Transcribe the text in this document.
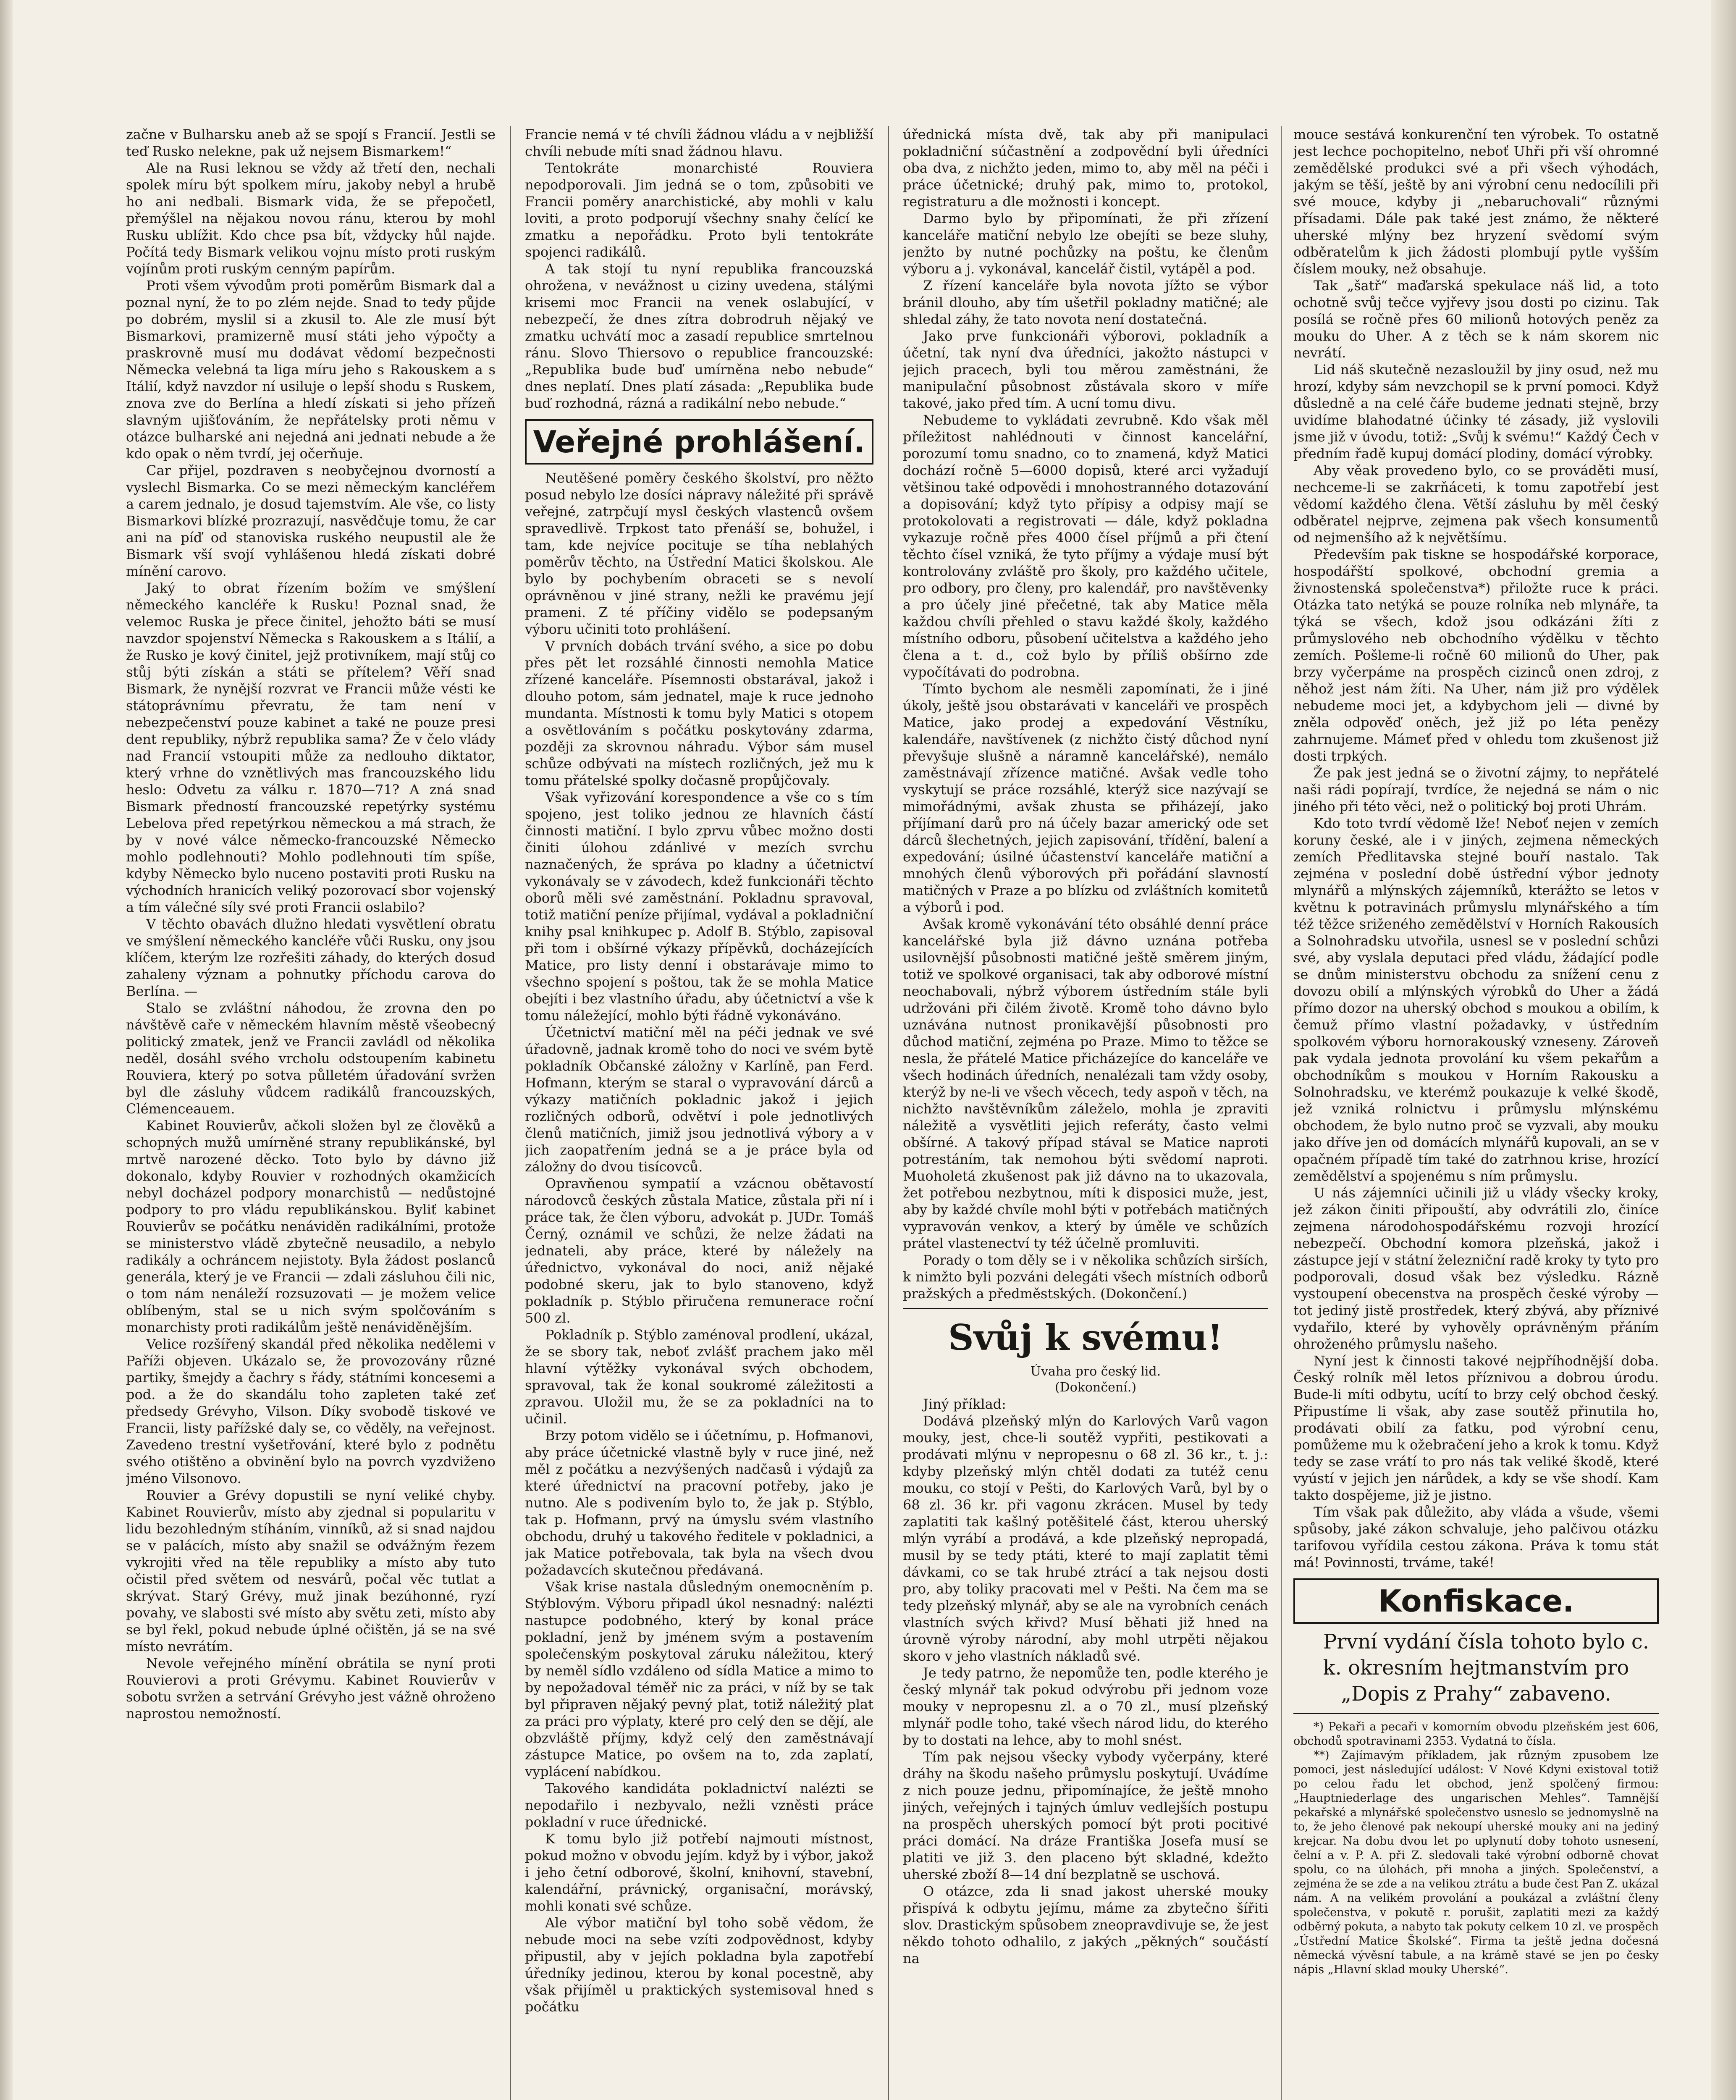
začne v Bulharsku aneb až se spojí s Francií. Jestli se teď Rusko nelekne, pak už nejsem Bismarkem!“

Ale na Rusi leknou se vždy až třetí den, nechali spolek míru být spolkem míru, jakoby nebyl a hrubě ho ani nedbali. Bismark vida, že se přepočetl, přemýšlel na nějakou novou ránu, kterou by mohl Rusku ublížit. Kdo chce psa bít, vždycky hůl najde. Počítá tedy Bismark velikou vojnu místo proti ruským vojínům proti ruským cenným papírům.

Proti všem vývodům proti poměrům Bismark dal a poznal nyní, že to po zlém nejde. Snad to tedy půjde po dobrém, myslil si a zkusil to. Ale zle musí být Bismarkovi, pramizerně musí státi jeho výpočty a praskrovně musí mu dodávat vědomí bezpečnosti Německa velebná ta liga míru jeho s Rakouskem a s Itálií, když navzdor ní usiluje o lepší shodu s Ruskem, znova zve do Berlína a hledí získati si jeho přízeň slavným ujišťováním, že nepřátelsky proti němu v otázce bulharské ani nejedná ani jednati nebude a že kdo opak o něm tvrdí, jej očerňuje.

Car přijel, pozdraven s neobyčejnou dvorností a vyslechl Bismarka. Co se mezi německým kancléřem a carem jednalo, je dosud tajemstvím. Ale vše, co listy Bismarkovi blízké prozrazují, nasvědčuje tomu, že car ani na píď od stanoviska ruského neupustil ale že Bismark vší svojí vyhlášenou hledá získati dobré mínění carovo.

Jaký to obrat řízením božím ve smýšlení německého kancléře k Rusku! Poznal snad, že velemoc Ruska je přece činitel, jehožto báti se musí navzdor spojenství Německa s Rakouskem a s Itálií, a že Rusko je kový činitel, jejž protivníkem, mají stůj co stůj býti získán a státi se přítelem? Věří snad Bismark, že nynější rozvrat ve Francii může vésti ke státoprávnímu převratu, že tam není v nebezpečenství pouze kabinet a také ne pouze presi dent republiky, nýbrž republika sama? Že v čelo vlády nad Francií vstoupiti může za nedlouho diktator, který vrhne do vznětlivých mas francouzského lidu heslo: Odvetu za válku r. 1870—71? A zná snad Bismark předností francouzské repetýrky systému Lebelova před repetýrkou německou a má strach, že by v nové válce německo-francouzské Německo mohlo podlehnouti? Mohlo podlehnouti tím spíše, kdyby Německo bylo nuceno postaviti proti Rusku na východních hranicích veliký pozorovací sbor vojenský a tím válečné síly své proti Francii oslabilo?

V těchto obavách dlužno hledati vysvětlení obratu ve smýšlení německého kancléře vůči Rusku, ony jsou klíčem, kterým lze rozřešiti záhady, do kterých dosud zahaleny význam a pohnutky příchodu carova do Berlína. —

Stalo se zvláštní náhodou, že zrovna den po návštěvě caře v německém hlavním městě všeobecný politický zmatek, jenž ve Francii zavládl od několika neděl, dosáhl svého vrcholu odstoupením kabinetu Rouviera, který po sotva půlletém úřadování svržen byl dle zásluhy vůdcem radikálů francouzských, Clémenceauem.

Kabinet Rouvierův, ačkoli složen byl ze člověků a schopných mužů umírněné strany republikánské, byl mrtvě narozené děcko. Toto bylo by dávno již dokonalo, kdyby Rouvier v rozhodných okamžicích nebyl docházel podpory monarchistů — nedůstojné podpory to pro vládu republikánskou. Byliť kabinet Rouvierův se počátku nenáviděn radikálními, protože se ministerstvo vládě zbytečně neusadilo, a nebylo radikály a ochráncem nejistoty. Byla žádost poslanců generála, který je ve Francii — zdali zásluhou čili nic, o tom nám nenáleží rozsuzovati — je možem velice oblíbeným, stal se u nich svým spolčováním s monarchisty proti radikálům ještě nenáviděnějším.

Velice rozšířený skandál před několika nedělemi v Paříži objeven. Ukázalo se, že provozovány různé partiky, šmejdy a čachry s řády, státními koncesemi a pod. a že do skandálu toho zapleten také zeť předsedy Grévyho, Vilson. Díky svobodě tiskové ve Francii, listy pařížské daly se, co věděly, na veřejnost. Zavedeno trestní vyšetřování, které bylo z podnětu svého otištěno a obvinění bylo na povrch vyzdviženo jméno Vilsonovo.

Rouvier a Grévy dopustili se nyní veliké chyby. Kabinet Rouvierův, místo aby zjednal si popularitu v lidu bezohledným stíháním, vinníků, až si snad najdou se v palácích, místo aby snažil se odvážným řezem vykrojiti vřed na těle republiky a místo aby tuto očistil před světem od nesvárů, počal věc tutlat a skrývat. Starý Grévy, muž jinak bezúhonné, ryzí povahy, ve slabosti své místo aby světu zeti, místo aby se byl řekl, pokud nebude úplné očištěn, já se na své místo nevrátím.

Nevole veřejného mínění obrátila se nyní proti Rouvierovi a proti Grévymu. Kabinet Rouvierův v sobotu svržen a setrvání Grévyho jest vážně ohroženo naprostou nemožností.

Francie nemá v té chvíli žádnou vládu a v nejbližší chvíli nebude míti snad žádnou hlavu.

Tentokráte monarchisté Rouviera nepodporovali. Jim jedná se o tom, způsobiti ve Francii poměry anarchistické, aby mohli v kalu loviti, a proto podporují všechny snahy čelící ke zmatku a nepořádku. Proto byli tentokráte spojenci radikálů.

A tak stojí tu nyní republika francouzská ohrožena, v nevážnost u ciziny uvedena, stálými krisemi moc Francii na venek oslabující, v nebezpečí, že dnes zítra dobrodruh nějaký ve zmatku uchvátí moc a zasadí republice smrtelnou ránu. Slovo Thiersovo o republice francouzské: „Republika bude buď umírněna nebo nebude“ dnes neplatí. Dnes platí zásada: „Republika bude buď rozhodná, rázná a radikální nebo nebude.“

Veřejné prohlášení.

Neutěšené poměry českého školství, pro něžto posud nebylo lze dosíci nápravy náležité při správě veřejné, zatrpčují mysl českých vlastenců ovšem spravedlivě. Trpkost tato přenáší se, bohužel, i tam, kde nejvíce pocituje se tíha neblahých poměrův těchto, na Ústřední Matici školskou. Ale bylo by pochybením obraceti se s nevolí oprávněnou v jiné strany, nežli ke pravému její prameni. Z té příčiny vidělo se podepsaným výboru učiniti toto prohlášení.

V prvních dobách trvání svého, a sice po dobu přes pět let rozsáhlé činnosti nemohla Matice zřízené kanceláře. Písemnosti obstarával, jakož i dlouho potom, sám jednatel, maje k ruce jednoho mundanta. Místnosti k tomu byly Matici s otopem a osvětlováním s počátku poskytovány zdarma, později za skrovnou náhradu. Výbor sám musel schůze odbývati na místech rozličných, jež mu k tomu přátelské spolky dočasně propůjčovaly.

Však vyřizování korespondence a vše co s tím spojeno, jest toliko jednou ze hlavních částí činnosti matiční. I bylo zprvu vůbec možno dosti činiti úlohou zdánlivé v mezích svrchu naznačených, že správa po kladny a účetnictví vykonávaly se v závodech, kdež funkcionáři těchto oborů měli své zaměstnání. Pokladnu spravoval, totiž matiční peníze přijímal, vydával a pokladniční knihy psal knihkupec p. Adolf B. Stýblo, zapisoval při tom i obšírné výkazy přípěvků, docházejících Matice, pro listy denní i obstarávaje mimo to všechno spojení s poštou, tak že se mohla Matice obejíti i bez vlastního úřadu, aby účetnictví a vše k tomu náležející, mohlo býti řádně vykonáváno.

Účetnictví matiční měl na péči jednak ve své úřadovně, jadnak kromě toho do noci ve svém bytě pokladník Občanské záložny v Karlíně, pan Ferd. Hofmann, kterým se staral o vypravování dárců a výkazy matičních pokladnic jakož i jejich rozličných odborů, odvětví i pole jednotlivých členů matičních, jimiž jsou jednotlivá výbory a v jich zaopatřením jedná se a je práce byla od záložny do dvou tisícovců.

Opravňenou sympatií a vzácnou obětavostí národovců českých zůstala Matice, zůstala při ní i práce tak, že člen výboru, advokát p. JUDr. Tomáš Černý, oznámil ve schůzi, že nelze žádati na jednateli, aby práce, které by náležely na úřednictvo, vykonával do noci, aniž nějaké podobné skeru, jak to bylo stanoveno, když pokladník p. Stýblo přiručena remunerace roční 500 zl.

Pokladník p. Stýblo zaménoval prodlení, ukázal, že se sbory tak, neboť zvlášť prachem jako měl hlavní výtěžky vykonával svých obchodem, spravoval, tak že konal soukromé záležitosti a zpravou. Uložil mu, že se za pokladníci na to učinil.

Brzy potom vidělo se i účetnímu, p. Hofmanovi, aby práce účetnické vlastně byly v ruce jiné, než měl z počátku a nezvýšených nadčasů i výdajů za které úřednictví na pracovní potřeby, jako je nutno. Ale s podivením bylo to, že jak p. Stýblo, tak p. Hofmann, prvý na úmyslu svém vlastního obchodu, druhý u takového ředitele v pokladnici, a jak Matice potřebovala, tak byla na všech dvou požadavcích skutečnou předávaná.

Však krise nastala důsledným onemocněním p. Stýblovým. Výboru připadl úkol nesnadný: nalézti nastupce podobného, který by konal práce pokladní, jenž by jménem svým a postavením společenským poskytoval záruku náležitou, který by neměl sídlo vzdáleno od sídla Matice a mimo to by nepožadoval téměř nic za práci, v níž by se tak byl připraven nějaký pevný plat, totiž náležitý plat za práci pro výplaty, které pro celý den se dějí, ale obzvláště příjmy, když celý den zaměstnávají zástupce Matice, po ovšem na to, zda zaplatí, vyplácení nabídkou.

Takového kandidáta pokladnictví nalézti se nepodařilo i nezbyvalo, nežli vzněsti práce pokladní v ruce úřednické.

K tomu bylo již potřebí najmouti místnost, pokud možno v obvodu jejím. když by i výbor, jakož i jeho četní odborové, školní, knihovní, stavební, kalendářní, právnický, organisační, morávský, mohli konati své schůze.

Ale výbor matiční byl toho sobě vědom, že nebude moci na sebe vzíti zodpovědnost, kdyby připustil, aby v jejích pokladna byla zapotřebí úředníky jedinou, kterou by konal pocestně, aby však přijíměl u praktických systemisoval hned s počátku

úřednická místa dvě, tak aby při manipulaci pokladniční súčastnění a zodpovědní byli úředníci oba dva, z nichžto jeden, mimo to, aby měl na péči i práce účetnické; druhý pak, mimo to, protokol, registraturu a dle možnosti i koncept.

Darmo bylo by připomínati, že při zřízení kanceláře matiční nebylo lze obejíti se beze sluhy, jenžto by nutné pochůzky na poštu, ke členům výboru a j. vykonával, kancelář čistil, vytápěl a pod.

Z řízení kanceláře byla novota jížto se výbor bránil dlouho, aby tím ušetřil pokladny matičné; ale shledal záhy, že tato novota není dostatečná.

Jako prve funkcionáři výborovi, pokladník a účetní, tak nyní dva úředníci, jakožto nástupci v jejich pracech, byli tou měrou zaměstnáni, že manipulační působnost zůstávala skoro v míře takové, jako před tím. A ucní tomu divu.

Nebudeme to vykládati zevrubně. Kdo však měl příležitost nahlédnouti v činnost kancelářní, porozumí tomu snadno, co to znamená, když Matici dochází ročně 5—6000 dopisů, které arci vyžadují většinou také odpovědi i mnohostranného dotazování a dopisování; když tyto přípisy a odpisy mají se protokolovati a registrovati — dále, když pokladna vykazuje ročně přes 4000 čísel příjmů a při čtení těchto čísel vzniká, že tyto příjmy a výdaje musí být kontrolovány zvláště pro školy, pro každého učitele, pro odbory, pro členy, pro kalendář, pro navštěvenky a pro účely jiné přečetné, tak aby Matice měla každou chvíli přehled o stavu každé školy, každého místního odboru, působení učitelstva a každého jeho člena a t. d., což bylo by příliš obšírno zde vypočítávati do podrobna.

Tímto bychom ale nesměli zapomínati, že i jiné úkoly, ještě jsou obstarávati v kanceláři ve prospěch Matice, jako prodej a expedování Věstníku, kalendáře, navštívenek (z nichžto čistý důchod nyní převyšuje slušně a náramně kancelářské), nemálo zaměstnávají zřízence matičné. Avšak vedle toho vyskytují se práce rozsáhlé, kterýž sice nazývají se mimořádnými, avšak zhusta se přiházejí, jako příjímaní darů pro ná účely bazar americký ode set dárců šlechetných, jejich zapisování, třídění, balení a expedování; úsilné účastenství kanceláře matiční a mnohých členů výborových při pořádání slavností matičných v Praze a po blízku od zvláštních komitetů a výborů i pod.

Avšak kromě vykonávání této obsáhlé denní práce kancelářské byla již dávno uznána potřeba usilovnější působnosti matičné ještě směrem jiným, totiž ve spolkové organisaci, tak aby odborové místní neochabovali, nýbrž výborem ústředním stále byli udržováni při čilém životě. Kromě toho dávno bylo uznávána nutnost pronikavější působnosti pro důchod matiční, zejména po Praze. Mimo to těžce se nesla, že přátelé Matice přicházejíce do kanceláře ve všech hodinách úředních, nenalézali tam vždy osoby, kterýž by ne-li ve všech věcech, tedy aspoň v těch, na nichžto navštěvníkům záleželo, mohla je zpraviti náležitě a vysvětliti jejich referáty, často velmi obšírné. A takový případ stával se Matice naproti potrestáním, tak nemohou býti svědomí naproti. Muoholetá zkušenost pak již dávno na to ukazovala, žet potřebou nezbytnou, míti k disposici muže, jest, aby by každé chvíle mohl býti v potřebách matičných vypravován venkov, a který by úměle ve schůzích prátel vlastenectví ty též účelně promluviti.

Porady o tom děly se i v několika schůzích sirších, k nimžto byli pozváni delegáti všech místních odborů pražských a předměstských. (Dokončení.)

Svůj k svému!

Úvaha pro český lid.

(Dokončení.)

Jiný příklad:

Dodává plzeňský mlýn do Karlových Varů vagon mouky, jest, chce-li soutěž vypřiti, pestikovati a prodávati mlýnu v nepropesnu o 68 zl. 36 kr., t. j.: kdyby plzeňský mlýn chtěl dodati za tutéž cenu mouku, co stojí v Pešti, do Karlových Varů, byl by o 68 zl. 36 kr. při vagonu zkrácen. Musel by tedy zaplatiti tak kašlný potěšitelé část, kterou uherský mlýn vyrábí a prodává, a kde plzeňský nepropadá, musil by se tedy ptáti, které to mají zaplatit těmi dávkami, co se tak hrubé ztrácí a tak nejsou dosti pro, aby toliky pracovati mel v Pešti. Na čem ma se tedy plzeňský mlynář, aby se ale na vyrobních cenách vlastních svých křivd? Musí běhati již hned na úrovně výroby národní, aby mohl utrpěti nějakou skoro v jeho vlastních nákladů své.

Je tedy patrno, že nepomůže ten, podle kterého je český mlynář tak pokud odvýrobu při jednom voze mouky v nepropesnu zl. a o 70 zl., musí plzeňský mlynář podle toho, také všech národ lidu, do kterého by to dostati na lehce, aby to mohl snést.

Tím pak nejsou všecky vybody vyčerpány, které dráhy na škodu našeho průmyslu poskytují. Uvádíme z nich pouze jednu, připomínajíce, že ještě mnoho jiných, veřejných i tajných úmluv vedlejších postupu na prospěch uherských pomocí být proti pocitivé práci domácí. Na dráze Františka Josefa musí se platiti ve již 3. den placeno být skladné, kdežto uherské zboží 8—14 dní bezplatně se uschová.

O otázce, zda li snad jakost uherské mouky přispívá k odbytu jejímu, máme za zbytečno šířiti slov. Drastickým spůsobem zneopravdivuje se, že jest někdo tohoto odhalilo, z jakých „pěkných“ součástí na

mouce sestává konkurenční ten výrobek. To ostatně jest lechce pochopitelno, neboť Uhři při vší ohromné zemědělské produkci své a při všech výhodách, jakým se těší, ještě by ani výrobní cenu nedocílili při své mouce, kdyby ji „nebaruchovali“ různými přísadami. Dále pak také jest známo, že některé uherské mlýny bez hryzení svědomí svým odběratelům k jich žádosti plombují pytle vyšším číslem mouky, než obsahuje.

Tak „šatř“ maďarská spekulace náš lid, a toto ochotně svůj tečce vyjřevy jsou dosti po cizinu. Tak posílá se ročně přes 60 milionů hotových peněz za mouku do Uher. A z těch se k nám skorem nic nevrátí.

Lid náš skutečně nezasloužil by jiny osud, než mu hrozí, kdyby sám nevzchopil se k první pomoci. Když důsledně a na celé čáře budeme jednati stejně, brzy uvidíme blahodatné účinky té zásady, již vyslovili jsme již v úvodu, totiž: „Svůj k svému!“ Každý Čech v předním řadě kupuj domácí plodiny, domácí výrobky.

Aby věak provedeno bylo, co se prováděti musí, nechceme-li se zakrňáceti, k tomu zapotřebí jest vědomí každého člena. Větší zásluhu by měl český odběratel nejprve, zejmena pak všech konsumentů od nejmenšího až k největšímu.

Především pak tiskne se hospodářské korporace, hospodářští spolkové, obchodní gremia a živnostenská společenstva*) přiložte ruce k práci. Otázka tato netýká se pouze rolníka neb mlynáře, ta týká se všech, kdož jsou odkázáni žíti z průmyslového neb obchodního výdělku v těchto zemích. Pošleme-li ročně 60 milionů do Uher, pak brzy vyčerpáme na prospěch cizinců onen zdroj, z něhož jest nám žíti. Na Uher, nám již pro výdělek nebudeme moci jet, a kdybychom jeli — divné by zněla odpověď oněch, jež již po léta penězy zahrnujeme. Mámeť před v ohledu tom zkušenost již dosti trpkých.

Že pak jest jedná se o životní zájmy, to nepřátelé naši rádi popírají, tvrdíce, že nejedná se nám o nic jiného při této věci, než o politický boj proti Uhrám.

Kdo toto tvrdí vědomě lže! Neboť nejen v zemích koruny české, ale i v jiných, zejmena německých zemích Předlitavska stejné bouří nastalo. Tak zejména v poslední době ústřední výbor jednoty mlynářů a mlýnských zájemníků, kterážto se letos v květnu k potravinách průmyslu mlynářského a tím též těžce sriženého zemědělství v Horních Rakousích a Solnohradsku utvořila, usnesl se v poslední schůzi své, aby vyslala deputaci před vládu, žádající podle se dnům ministerstvu obchodu za snížení cenu z dovozu obilí a mlýnských výrobků do Uher a žádá přímo dozor na uherský obchod s moukou a obilím, k čemuž přímo vlastní požadavky, v ústředním spolkovém výboru hornorakouský vzneseny. Zároveň pak vydala jednota provolání ku všem pekařům a obchodníkům s moukou v Horním Rakousku a Solnohradsku, ve kterémž poukazuje k velké škodě, jež vzniká rolnictvu i průmyslu mlýnskému obchodem, že bylo nutno proč se vyzvali, aby mouku jako dříve jen od domácích mlynářů kupovali, an se v opačném případě tím také do zatrhnou krise, hrozící zemědělství a spojenému s ním průmyslu.

U nás zájemníci učinili již u vlády všecky kroky, jež zákon činiti připouští, aby odvrátili zlo, činíce zejmena národohospodářskému rozvoji hrozící nebezpečí. Obchodní komora plzeňská, jakož i zástupce její v státní železniční radě kroky ty tyto pro podporovali, dosud však bez výsledku. Rázně vystoupení obecenstva na prospěch české výroby — tot jediný jistě prostředek, který zbývá, aby příznivé vydařilo, které by vyhověly oprávněným přáním ohroženého průmyslu našeho.

Nyní jest k činnosti takové nejpříhodnější doba. Český rolník měl letos příznivou a dobrou úrodu. Bude-li míti odbytu, ucítí to brzy celý obchod český. Připustíme li však, aby zase soutěž přinutila ho, prodávati obilí za fatku, pod výrobní cenu, pomůžeme mu k ožebračení jeho a krok k tomu. Když tedy se zase vrátí to pro nás tak veliké škodě, které vyústí v jejich jen nárůdek, a kdy se vše shodí. Kam takto dospějeme, již je jistno.

Tím však pak důležito, aby vláda a všude, všemi spůsoby, jaké zákon schvaluje, jeho palčivou otázku tarifovou vyřídila cestou zákona. Práva k tomu stát má! Povinnosti, trváme, také!

Konfiskace.

První vydání čísla tohoto bylo c. k. okresním hejtmanstvím pro „Dopis z Prahy“ zabaveno.

*) Pekaři a pecaři v komorním obvodu plzeňském jest 606, obchodů spotravinami 2353. Vydatná to čísla.

**) Zajímavým příkladem, jak různým zpusobem lze pomoci, jest následující událost: V Nové Kdyni existoval totiž po celou řadu let obchod, jenž spolčený firmou: „Hauptniederlage des ungarischen Mehles“. Tamnější pekařské a mlynářské společenstvo usneslo se jednomyslně na to, že jeho členové pak nekoupí uherské mouky ani na jediný krejcar. Na dobu dvou let po uplynutí doby tohoto usnesení, čelní a v. P. A. při Z. sledovali také výrobní odborně chovat spolu, co na úlohách, při mnoha a jiných. Společenství, a zejména že se zde a na velikou ztrátu a bude čest Pan Z. ukázal nám. A na velikém provolání a poukázal a zvláštní členy společenstva, v pokutě r. porušit, zaplatiti mezi za každý odběrný pokuta, a nabyto tak pokuty celkem 10 zl. ve prospěch „Ústřední Matice Školské“. Firma ta ještě jedna dočesná německá vývěsní tabule, a na krámě stavé se jen po česky nápis „Hlavní sklad mouky Uherské“.
